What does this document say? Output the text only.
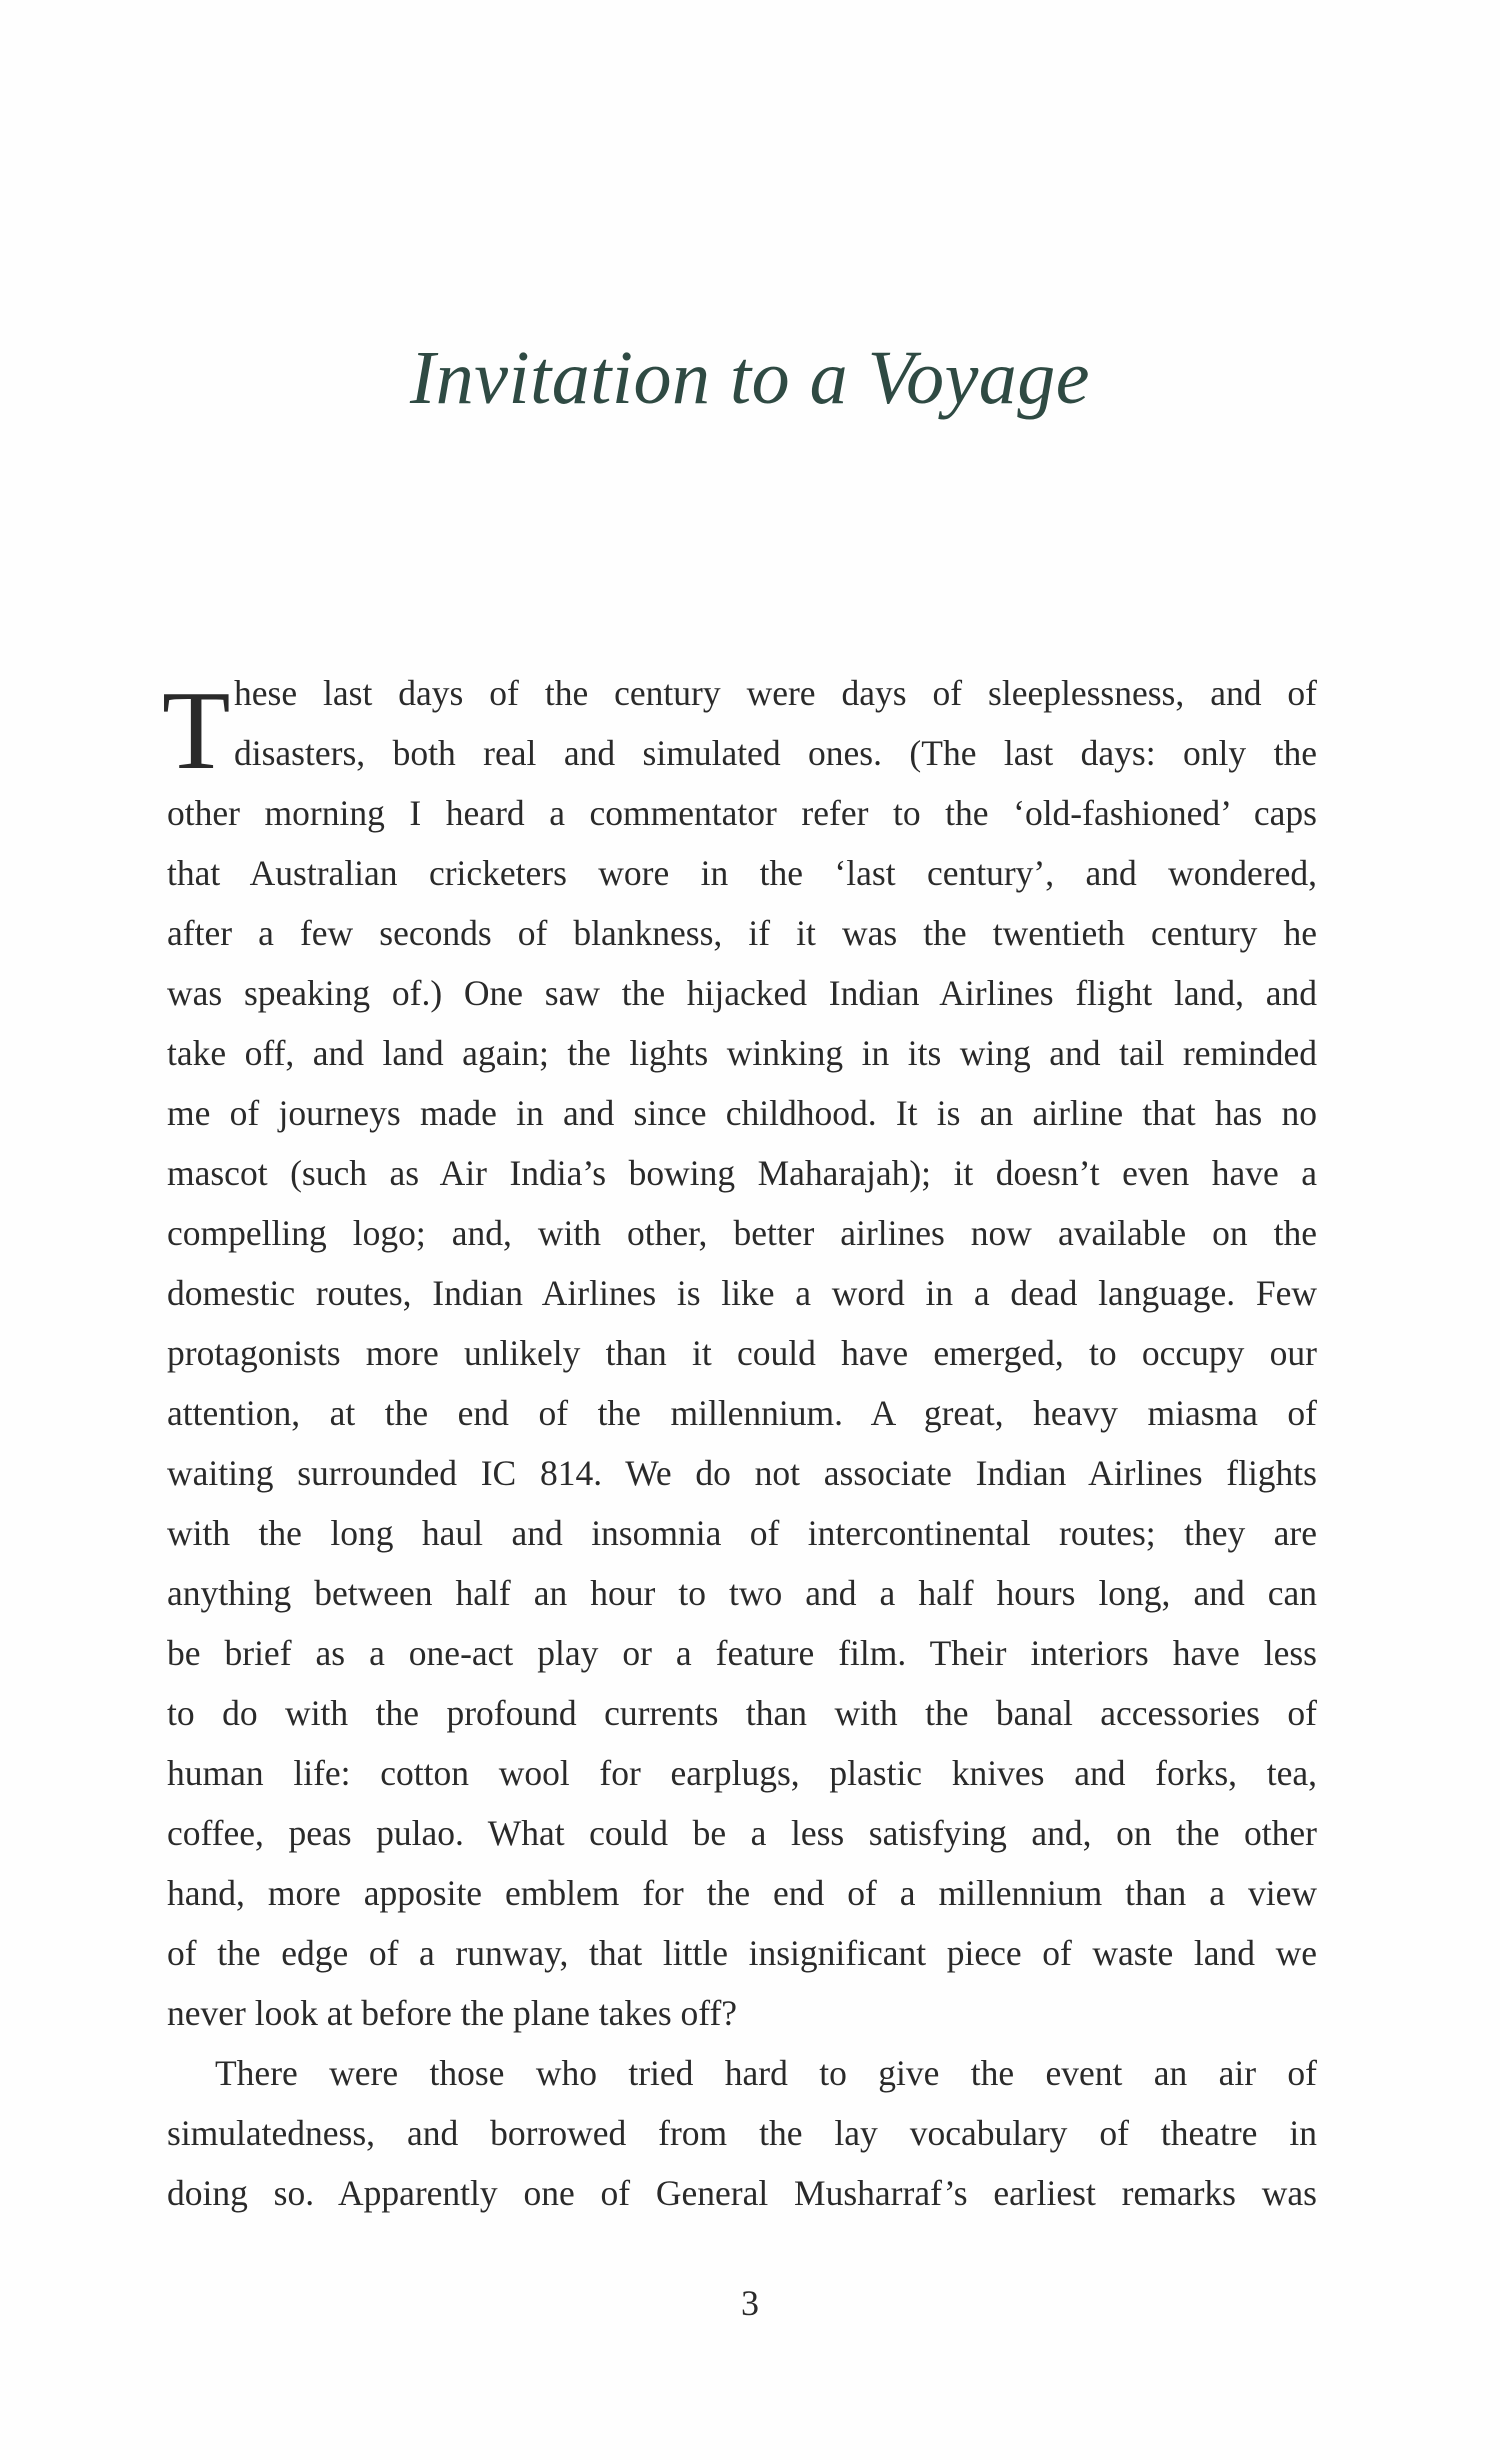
Invitation to a Voyage
T hese last days of the century were days of sleeplessness, and of
disasters, both real and simulated ones. (The last days: only the
other morning I heard a commentator refer to the ‘old-fashioned’ caps
that Australian cricketers wore in the ‘last century’, and wondered,
after a few seconds of blankness, if it was the twentieth century he
was speaking of.) One saw the hijacked Indian Airlines flight land, and
take off, and land again; the lights winking in its wing and tail reminded
me of journeys made in and since childhood. It is an airline that has no
mascot (such as Air India’s bowing Maharajah); it doesn’t even have a
compelling logo; and, with other, better airlines now available on the
domestic routes, Indian Airlines is like a word in a dead language. Few
protagonists more unlikely than it could have emerged, to occupy our
attention, at the end of the millennium. A great, heavy miasma of
waiting surrounded IC 814. We do not associate Indian Airlines flights
with the long haul and insomnia of intercontinental routes; they are
anything between half an hour to two and a half hours long, and can
be brief as a one-act play or a feature film. Their interiors have less
to do with the profound currents than with the banal accessories of
human life: cotton wool for earplugs, plastic knives and forks, tea,
coffee, peas pulao. What could be a less satisfying and, on the other
hand, more apposite emblem for the end of a millennium than a view
of the edge of a runway, that little insignificant piece of waste land we
never look at before the plane takes off?
There were those who tried hard to give the event an air of
simulatedness, and borrowed from the lay vocabulary of theatre in
doing so. Apparently one of General Musharraf’s earliest remarks was
3
